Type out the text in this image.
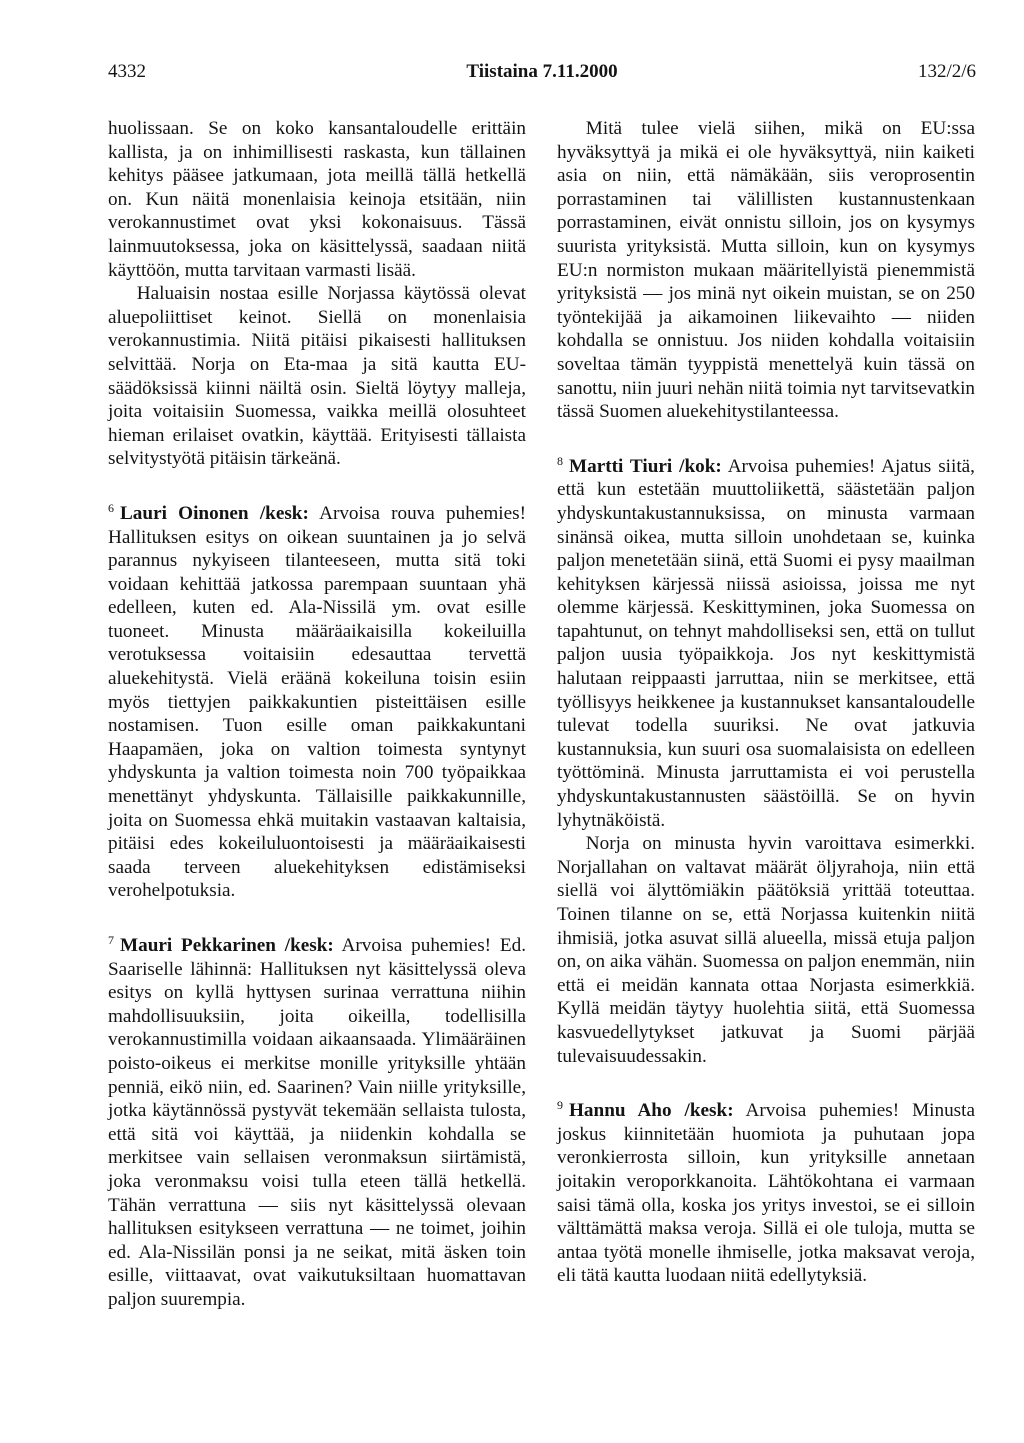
4332	Tiistaina 7.11.2000	132/2/6

huolissaan. Se on koko kansantaloudelle erittäin kallista, ja on inhimillisesti raskasta, kun tällainen kehitys pääsee jatkumaan, jota meillä tällä hetkellä on. Kun näitä monenlaisia keinoja etsitään, niin verokannustimet ovat yksi kokonaisuus. Tässä lainmuutoksessa, joka on käsittelyssä, saadaan niitä käyttöön, mutta tarvitaan varmasti lisää.

Haluaisin nostaa esille Norjassa käytössä olevat aluepoliittiset keinot. Siellä on monenlaisia verokannustimia. Niitä pitäisi pikaisesti hallituksen selvittää. Norja on Eta-maa ja sitä kautta EU-säädöksissä kiinni näiltä osin. Sieltä löytyy malleja, joita voitaisiin Suomessa, vaikka meillä olosuhteet hieman erilaiset ovatkin, käyttää. Erityisesti tällaista selvitystyötä pitäisin tärkeänä.

$^6$ Lauri Oinonen /kesk: Arvoisa rouva puhemies! Hallituksen esitys on oikean suuntainen ja jo selvä parannus nykyiseen tilanteeseen, mutta sitä toki voidaan kehittää jatkossa parempaan suuntaan yhä edelleen, kuten ed. Ala-Nissilä ym. ovat esille tuoneet. Minusta määräaikaisilla kokeiluilla verotuksessa voitaisiin edesauttaa tervettä aluekehitystä. Vielä eräänä kokeiluna toisin esiin myös tiettyjen paikkakuntien pisteittäisen esille nostamisen. Tuon esille oman paikkakuntani Haapamäen, joka on valtion toimesta syntynyt yhdyskunta ja valtion toimesta noin 700 työpaikkaa menettänyt yhdyskunta. Tällaisille paikkakunnille, joita on Suomessa ehkä muitakin vastaavan kaltaisia, pitäisi edes kokeiluluontoisesti ja määräaikaisesti saada terveen aluekehityksen edistämiseksi verohelpotuksia.

$^7$ Mauri Pekkarinen /kesk: Arvoisa puhemies! Ed. Saariselle lähinnä: Hallituksen nyt käsittelyssä oleva esitys on kyllä hyttysen surinaa verrattuna niihin mahdollisuuksiin, joita oikeilla, todellisilla verokannustimilla voidaan aikaansaada. Ylimääräinen poisto-oikeus ei merkitse monille yrityksille yhtään penniä, eikö niin, ed. Saarinen? Vain niille yrityksille, jotka käytännössä pystyvät tekemään sellaista tulosta, että sitä voi käyttää, ja niidenkin kohdalla se merkitsee vain sellaisen veronmaksun siirtämistä, joka veronmaksu voisi tulla eteen tällä hetkellä. Tähän verrattuna — siis nyt käsittelyssä olevaan hallituksen esitykseen verrattuna — ne toimet, joihin ed. Ala-Nissilän ponsi ja ne seikat, mitä äsken toin esille, viittaavat, ovat vaikutuksiltaan huomattavan paljon suurempia.

Mitä tulee vielä siihen, mikä on EU:ssa hyväksyttyä ja mikä ei ole hyväksyttyä, niin kaiketi asia on niin, että nämäkään, siis veroprosentin porrastaminen tai välillisten kustannustenkaan porrastaminen, eivät onnistu silloin, jos on kysymys suurista yrityksistä. Mutta silloin, kun on kysymys EU:n normiston mukaan määritellyistä pienemmistä yrityksistä — jos minä nyt oikein muistan, se on 250 työntekijää ja aikamoinen liikevaihto — niiden kohdalla se onnistuu. Jos niiden kohdalla voitaisiin soveltaa tämän tyyppistä menettelyä kuin tässä on sanottu, niin juuri nehän niitä toimia nyt tarvitsevatkin tässä Suomen aluekehitystilanteessa.

$^8$ Martti Tiuri /kok: Arvoisa puhemies! Ajatus siitä, että kun estetään muuttoliikettä, säästetään paljon yhdyskuntakustannuksissa, on minusta varmaan sinänsä oikea, mutta silloin unohdetaan se, kuinka paljon menetetään siinä, että Suomi ei pysy maailman kehityksen kärjessä niissä asioissa, joissa me nyt olemme kärjessä. Keskittyminen, joka Suomessa on tapahtunut, on tehnyt mahdolliseksi sen, että on tullut paljon uusia työpaikkoja. Jos nyt keskittymistä halutaan reippaasti jarruttaa, niin se merkitsee, että työllisyys heikkenee ja kustannukset kansantaloudelle tulevat todella suuriksi. Ne ovat jatkuvia kustannuksia, kun suuri osa suomalaisista on edelleen työttöminä. Minusta jarruttamista ei voi perustella yhdyskuntakustannusten säästöillä. Se on hyvin lyhytnäköistä.

Norja on minusta hyvin varoittava esimerkki. Norjallahan on valtavat määrät öljyrahoja, niin että siellä voi älyttömiäkin päätöksiä yrittää toteuttaa. Toinen tilanne on se, että Norjassa kuitenkin niitä ihmisiä, jotka asuvat sillä alueella, missä etuja paljon on, on aika vähän. Suomessa on paljon enemmän, niin että ei meidän kannata ottaa Norjasta esimerkkiä. Kyllä meidän täytyy huolehtia siitä, että Suomessa kasvuedellytykset jatkuvat ja Suomi pärjää tulevaisuudessakin.

$^9$ Hannu Aho /kesk: Arvoisa puhemies! Minusta joskus kiinnitetään huomiota ja puhutaan jopa veronkierrosta silloin, kun yrityksille annetaan joitakin veroporkkanoita. Lähtökohtana ei varmaan saisi tämä olla, koska jos yritys investoi, se ei silloin välttämättä maksa veroja. Sillä ei ole tuloja, mutta se antaa työtä monelle ihmiselle, jotka maksavat veroja, eli tätä kautta luodaan niitä edellytyksiä.
